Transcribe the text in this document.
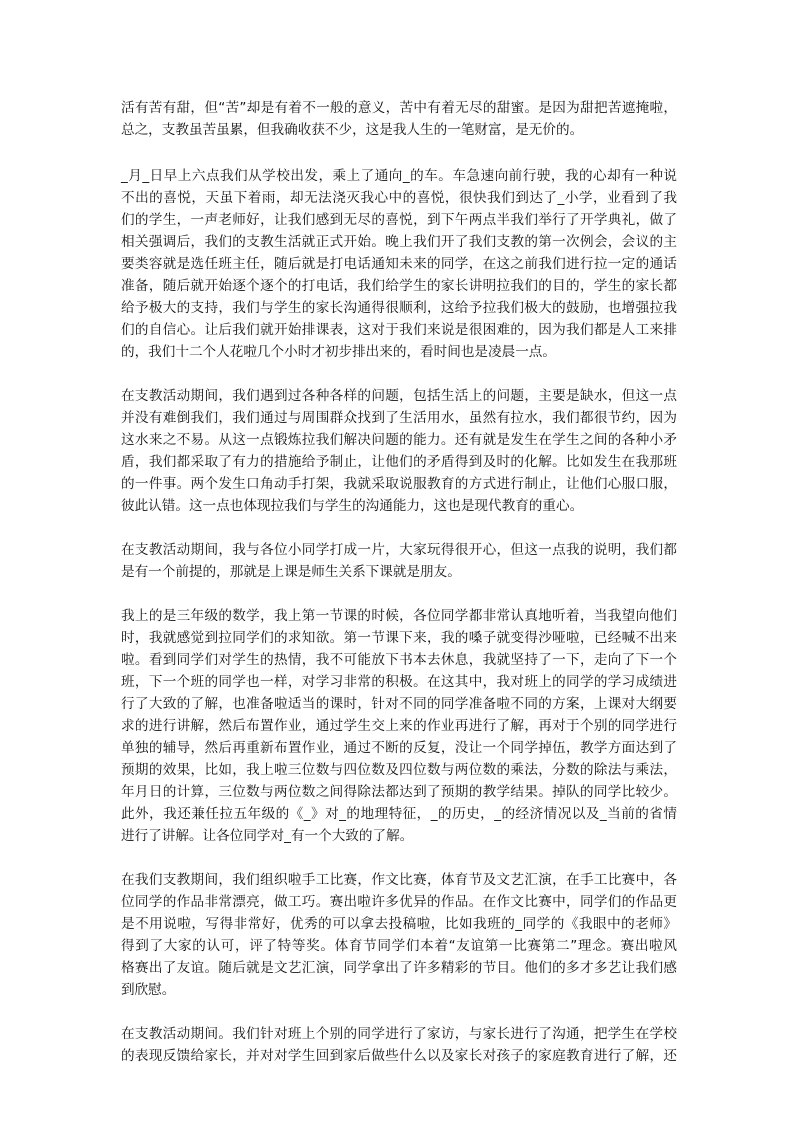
活有苦有甜，但“苦”却是有着不一般的意义，苦中有着无尽的甜蜜。是因为甜把苦遮掩啦，
总之，支教虽苦虽累，但我确收获不少，这是我人生的一笔财富，是无价的。
_月_日早上六点我们从学校出发，乘上了通向_的车。车急速向前行驶，我的心却有一种说
不出的喜悦，天虽下着雨，却无法浇灭我心中的喜悦，很快我们到达了_小学，业看到了我
们的学生，一声老师好，让我们感到无尽的喜悦，到下午两点半我们举行了开学典礼，做了
相关强调后，我们的支教生活就正式开始。晚上我们开了我们支教的第一次例会，会议的主
要类容就是选任班主任，随后就是打电话通知未来的同学，在这之前我们进行拉一定的通话
准备，随后就开始逐个逐个的打电话，我们给学生的家长讲明拉我们的目的，学生的家长都
给予极大的支持，我们与学生的家长沟通得很顺利，这给予拉我们极大的鼓励，也增强拉我
们的自信心。让后我们就开始排课表，这对于我们来说是很困难的，因为我们都是人工来排
的，我们十二个人花啦几个小时才初步排出来的，看时间也是凌晨一点。
在支教活动期间，我们遇到过各种各样的问题，包括生活上的问题，主要是缺水，但这一点
并没有难倒我们，我们通过与周围群众找到了生活用水，虽然有拉水，我们都很节约，因为
这水来之不易。从这一点锻炼拉我们解决问题的能力。还有就是发生在学生之间的各种小矛
盾，我们都采取了有力的措施给予制止，让他们的矛盾得到及时的化解。比如发生在我那班
的一件事。两个发生口角动手打架，我就采取说服教育的方式进行制止，让他们心服口服，
彼此认错。这一点也体现拉我们与学生的沟通能力，这也是现代教育的重心。
在支教活动期间，我与各位小同学打成一片，大家玩得很开心，但这一点我的说明，我们都
是有一个前提的，那就是上课是师生关系下课就是朋友。
我上的是三年级的数学，我上第一节课的时候，各位同学都非常认真地听着，当我望向他们
时，我就感觉到拉同学们的求知欲。第一节课下来，我的嗓子就变得沙哑啦，已经喊不出来
啦。看到同学们对学生的热情，我不可能放下书本去休息，我就坚持了一下，走向了下一个
班，下一个班的同学也一样，对学习非常的积极。在这其中，我对班上的同学的学习成绩进
行了大致的了解，也准备啦适当的课时，针对不同的同学准备啦不同的方案，上课对大纲要
求的进行讲解，然后布置作业，通过学生交上来的作业再进行了解，再对于个别的同学进行
单独的辅导，然后再重新布置作业，通过不断的反复，没让一个同学掉伍，教学方面达到了
预期的效果，比如，我上啦三位数与四位数及四位数与两位数的乘法，分数的除法与乘法，
年月日的计算，三位数与两位数之间得除法都达到了预期的教学结果。掉队的同学比较少。
此外，我还兼任拉五年级的《_》对_的地理特征，_的历史，_的经济情况以及_当前的省情
进行了讲解。让各位同学对_有一个大致的了解。
在我们支教期间，我们组织啦手工比赛，作文比赛，体育节及文艺汇演，在手工比赛中，各
位同学的作品非常漂亮，做工巧。赛出啦许多优异的作品。在作文比赛中，同学们的作品更
是不用说啦，写得非常好，优秀的可以拿去投稿啦，比如我班的_同学的《我眼中的老师》
得到了大家的认可，评了特等奖。体育节同学们本着“友谊第一比赛第二”理念。赛出啦风
格赛出了友谊。随后就是文艺汇演，同学拿出了许多精彩的节目。他们的多才多艺让我们感
到欣慰。
在支教活动期间。我们针对班上个别的同学进行了家访，与家长进行了沟通，把学生在学校
的表现反馈给家长，并对对学生回到家后做些什么以及家长对孩子的家庭教育进行了解，还
